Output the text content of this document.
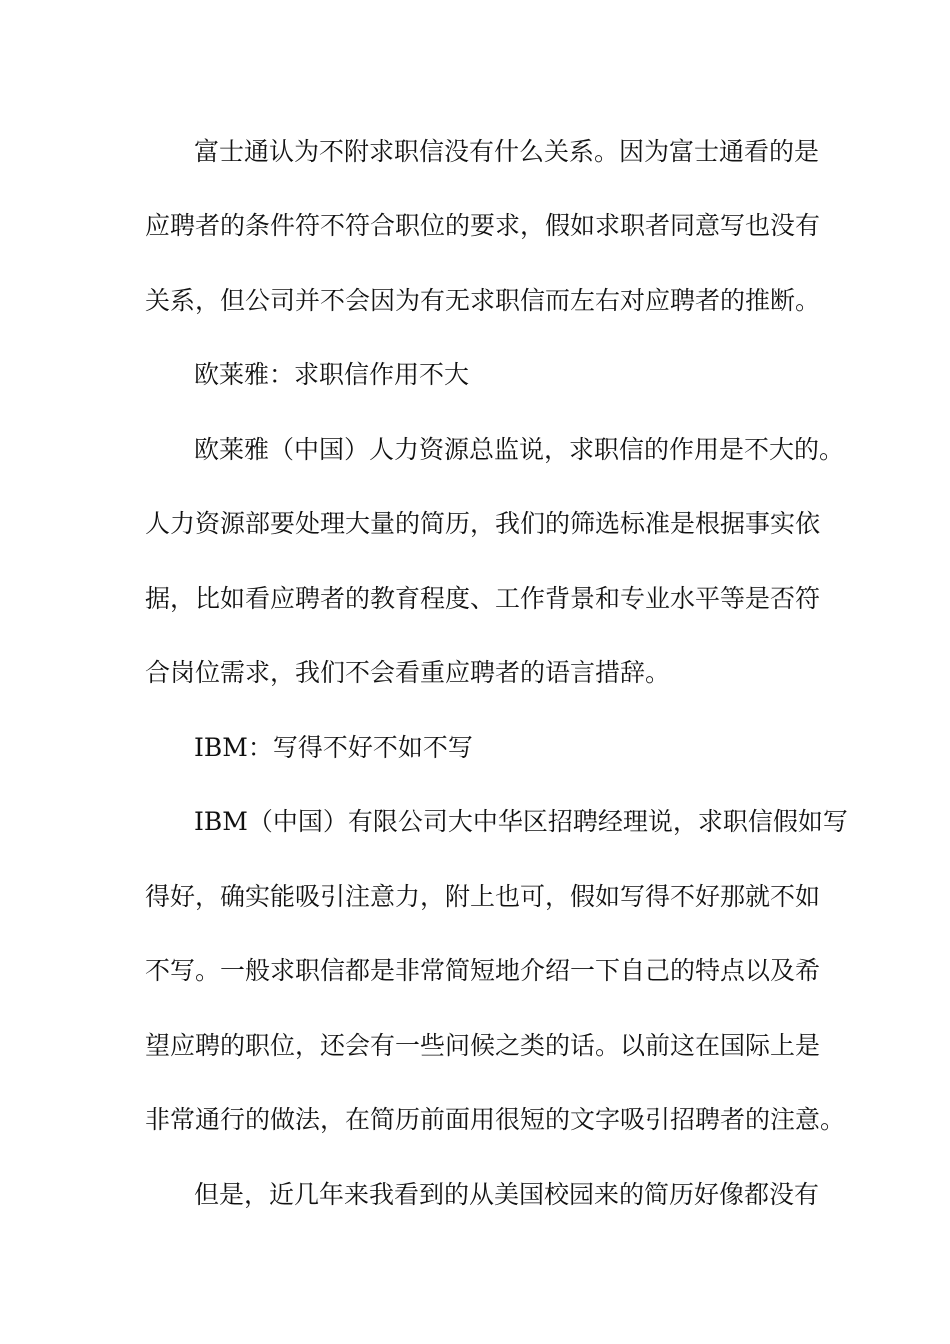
富士通认为不附求职信没有什么关系。因为富士通看的是

应聘者的条件符不符合职位的要求，假如求职者同意写也没有

关系，但公司并不会因为有无求职信而左右对应聘者的推断。

欧莱雅：求职信作用不大

欧莱雅（中国）人力资源总监说，求职信的作用是不大的。

人力资源部要处理大量的简历，我们的筛选标准是根据事实依

据，比如看应聘者的教育程度、工作背景和专业水平等是否符

合岗位需求，我们不会看重应聘者的语言措辞。

IBM：写得不好不如不写

IBM（中国）有限公司大中华区招聘经理说，求职信假如写

得好，确实能吸引注意力，附上也可，假如写得不好那就不如

不写。一般求职信都是非常简短地介绍一下自己的特点以及希

望应聘的职位，还会有一些问候之类的话。以前这在国际上是

非常通行的做法，在简历前面用很短的文字吸引招聘者的注意。

但是，近几年来我看到的从美国校园来的简历好像都没有
